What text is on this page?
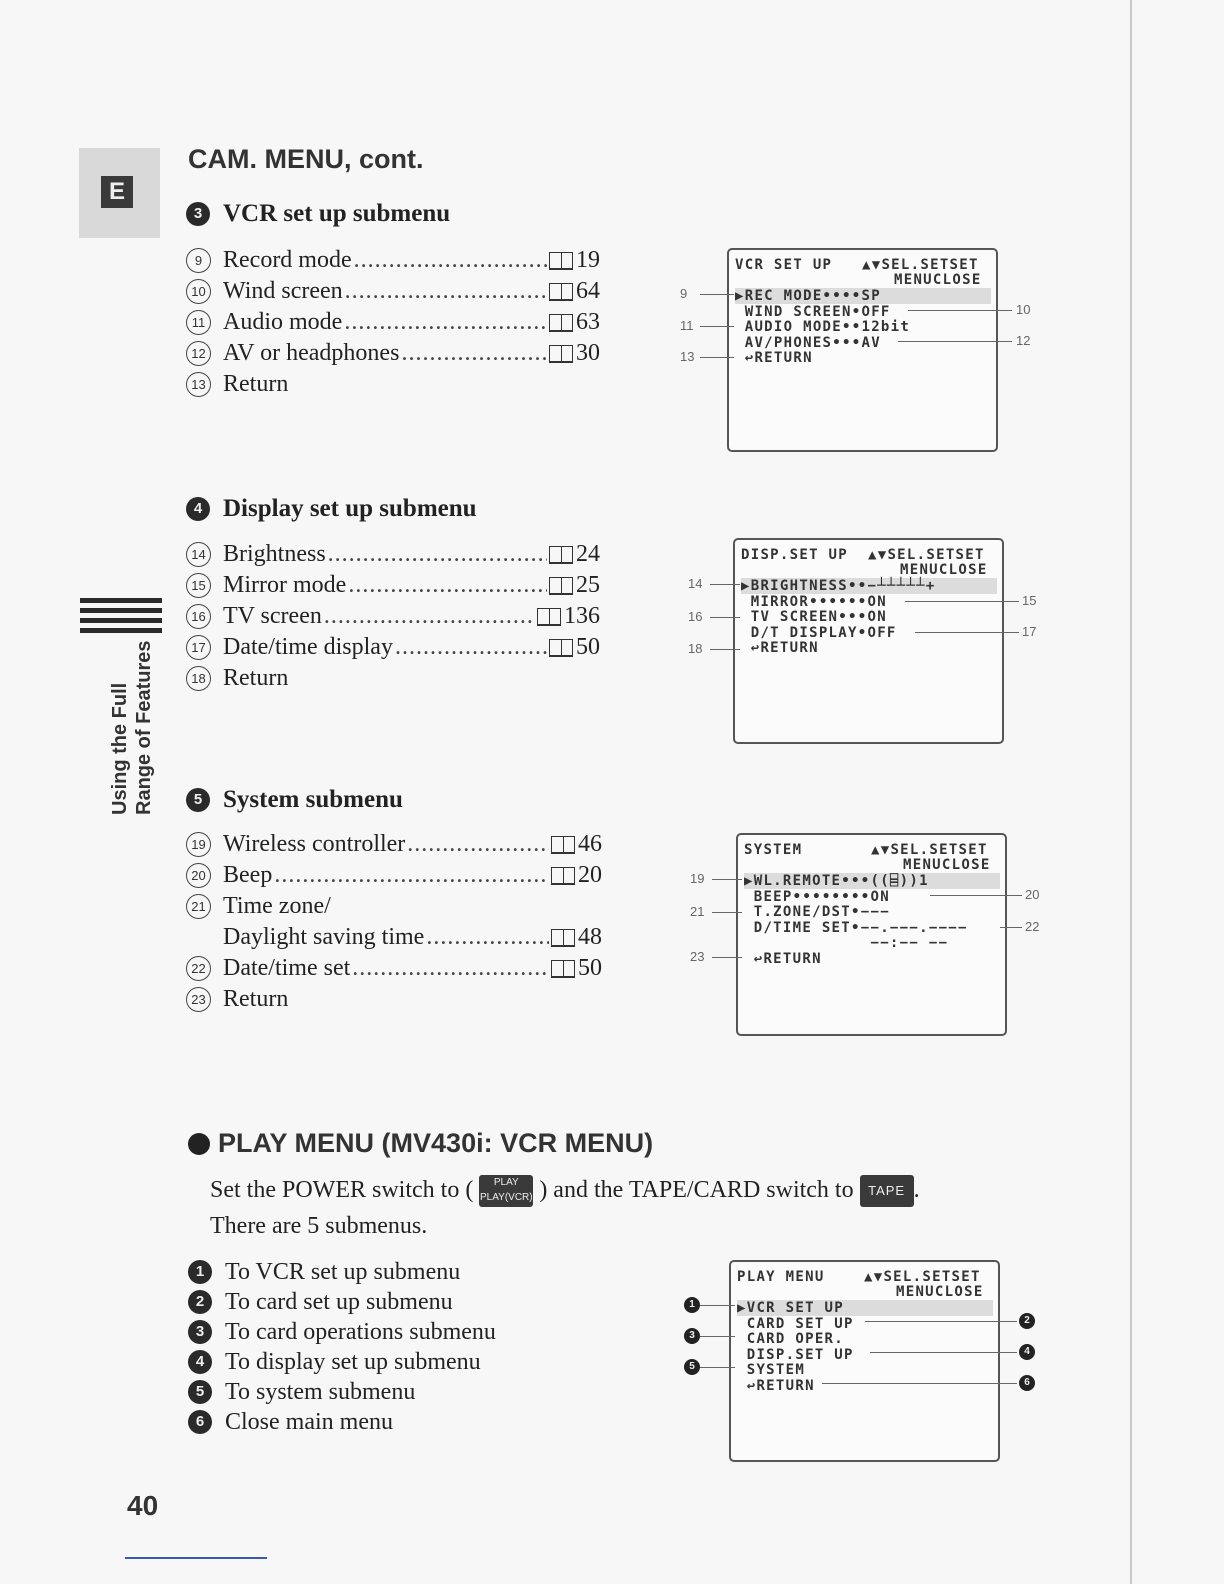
E
Using the Full Range of Features
CAM. MENU, cont.
3 VCR set up submenu
9 Record mode .....	19
10 Wind screen .....	64
11 Audio mode .....	63
12 AV or headphones .....	30
13 Return
VCR SET UP ▲▼SEL.SETSET
MENUCLOSE
▶REC MODE••••SP
WIND SCREEN•OFF
AUDIO MODE••12bit
AV/PHONES•••AV
↩RETURN
9
11
13
10
12
4 Display set up submenu
14 Brightness .....	24
15 Mirror mode .....	25
16 TV screen .....	136
17 Date/time display .....	50
18 Return
DISP.SET UP ▲▼SEL.SETSET
MENUCLOSE
▶BRIGHTNESS••−┴┴┴┴┴+
MIRROR••••••ON
TV SCREEN•••ON
D/T DISPLAY•OFF
↩RETURN
14
16
18
15
17
5 System submenu
19 Wireless controller .....	46
20 Beep .....	20
21 Time zone/
Daylight saving time .....	48
22 Date/time set .....	50
23 Return
SYSTEM	▲▼SEL.SETSET
MENUCLOSE
▶WL.REMOTE•••((⌸))1
BEEP••••••••ON
T.ZONE/DST•−−−
D/TIME SET•−−.−−−.−−−−
−−:−− −−
↩RETURN
19
21
23
20
22
PLAY MENU (MV430i: VCR MENU)
Set the POWER switch to (	PLAY
PLAY(VCR) ) and the TAPE/CARD switch to TAPE .
There are 5 submenus.
1 To VCR set up submenu
2 To card set up submenu
3 To card operations submenu
4 To display set up submenu
5 To system submenu
6 Close main menu
PLAY MENU	▲▼SEL.SETSET
MENUCLOSE
▶VCR SET UP
CARD SET UP
CARD OPER.
DISP.SET UP
SYSTEM
↩RETURN
1
3
5
2
4
6
40
